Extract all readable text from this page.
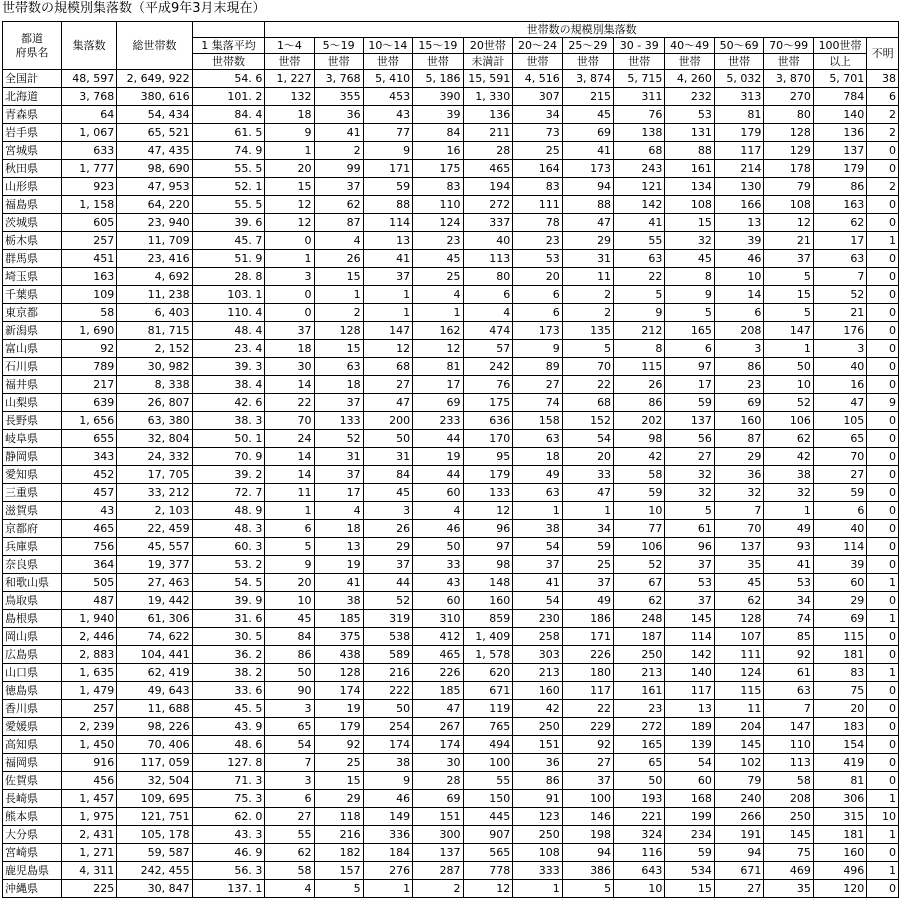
世帯数の規模別集落数（平成9年3月末現在）
都道
府県名	集落数	総世帯数		世帯数の規模別集落数												
			1 集落平均	1～4	5～19	10～14	15～19	20世帯	20～24	25～29	30 - 39	40～49	50～69	70～99	100世帯	不明
			世帯数	世帯	世帯	世帯	世帯	未満計	世帯	世帯	世帯	世帯	世帯	世帯	以上	
全国計	48, 597	2, 649, 922	54. 6	1, 227	3, 768	5, 410	5, 186	15, 591	4, 516	3, 874	5, 715	4, 260	5, 032	3, 870	5, 701	38
北海道	3, 768	380, 616	101. 2	132	355	453	390	1, 330	307	215	311	232	313	270	784	6
青森県	64	54, 434	84. 4	18	36	43	39	136	34	45	76	53	81	80	140	2
岩手県	1, 067	65, 521	61. 5	9	41	77	84	211	73	69	138	131	179	128	136	2
宮城県	633	47, 435	74. 9	1	2	9	16	28	25	41	68	88	117	129	137	0
秋田県	1, 777	98, 690	55. 5	20	99	171	175	465	164	173	243	161	214	178	179	0
山形県	923	47, 953	52. 1	15	37	59	83	194	83	94	121	134	130	79	86	2
福島県	1, 158	64, 220	55. 5	12	62	88	110	272	111	88	142	108	166	108	163	0
茨城県	605	23, 940	39. 6	12	87	114	124	337	78	47	41	15	13	12	62	0
栃木県	257	11, 709	45. 7	0	4	13	23	40	23	29	55	32	39	21	17	1
群馬県	451	23, 416	51. 9	1	26	41	45	113	53	31	63	45	46	37	63	0
埼玉県	163	4, 692	28. 8	3	15	37	25	80	20	11	22	8	10	5	7	0
千葉県	109	11, 238	103. 1	0	1	1	4	6	6	2	5	9	14	15	52	0
東京都	58	6, 403	110. 4	0	2	1	1	4	6	2	9	5	6	5	21	0
新潟県	1, 690	81, 715	48. 4	37	128	147	162	474	173	135	212	165	208	147	176	0
富山県	92	2, 152	23. 4	18	15	12	12	57	9	5	8	6	3	1	3	0
石川県	789	30, 982	39. 3	30	63	68	81	242	89	70	115	97	86	50	40	0
福井県	217	8, 338	38. 4	14	18	27	17	76	27	22	26	17	23	10	16	0
山梨県	639	26, 807	42. 6	22	37	47	69	175	74	68	86	59	69	52	47	9
長野県	1, 656	63, 380	38. 3	70	133	200	233	636	158	152	202	137	160	106	105	0
岐阜県	655	32, 804	50. 1	24	52	50	44	170	63	54	98	56	87	62	65	0
静岡県	343	24, 332	70. 9	14	31	31	19	95	18	20	42	27	29	42	70	0
愛知県	452	17, 705	39. 2	14	37	84	44	179	49	33	58	32	36	38	27	0
三重県	457	33, 212	72. 7	11	17	45	60	133	63	47	59	32	32	32	59	0
滋賀県	43	2, 103	48. 9	1	4	3	4	12	1	1	10	5	7	1	6	0
京都府	465	22, 459	48. 3	6	18	26	46	96	38	34	77	61	70	49	40	0
兵庫県	756	45, 557	60. 3	5	13	29	50	97	54	59	106	96	137	93	114	0
奈良県	364	19, 377	53. 2	9	19	37	33	98	37	25	52	37	35	41	39	0
和歌山県	505	27, 463	54. 5	20	41	44	43	148	41	37	67	53	45	53	60	1
鳥取県	487	19, 442	39. 9	10	38	52	60	160	54	49	62	37	62	34	29	0
島根県	1, 940	61, 306	31. 6	45	185	319	310	859	230	186	248	145	128	74	69	1
岡山県	2, 446	74, 622	30. 5	84	375	538	412	1, 409	258	171	187	114	107	85	115	0
広島県	2, 883	104, 441	36. 2	86	438	589	465	1, 578	303	226	250	142	111	92	181	0
山口県	1, 635	62, 419	38. 2	50	128	216	226	620	213	180	213	140	124	61	83	1
徳島県	1, 479	49, 643	33. 6	90	174	222	185	671	160	117	161	117	115	63	75	0
香川県	257	11, 688	45. 5	3	19	50	47	119	42	22	23	13	11	7	20	0
愛媛県	2, 239	98, 226	43. 9	65	179	254	267	765	250	229	272	189	204	147	183	0
高知県	1, 450	70, 406	48. 6	54	92	174	174	494	151	92	165	139	145	110	154	0
福岡県	916	117, 059	127. 8	7	25	38	30	100	36	27	65	54	102	113	419	0
佐賀県	456	32, 504	71. 3	3	15	9	28	55	86	37	50	60	79	58	81	0
長崎県	1, 457	109, 695	75. 3	6	29	46	69	150	91	100	193	168	240	208	306	1
熊本県	1, 975	121, 751	62. 0	27	118	149	151	445	123	146	221	199	266	250	315	10
大分県	2, 431	105, 178	43. 3	55	216	336	300	907	250	198	324	234	191	145	181	1
宮崎県	1, 271	59, 587	46. 9	62	182	184	137	565	108	94	116	59	94	75	160	0
鹿児島県	4, 311	242, 455	56. 3	58	157	276	287	778	333	386	643	534	671	469	496	1
沖縄県	225	30, 847	137. 1	4	5	1	2	12	1	5	10	15	27	35	120	0
